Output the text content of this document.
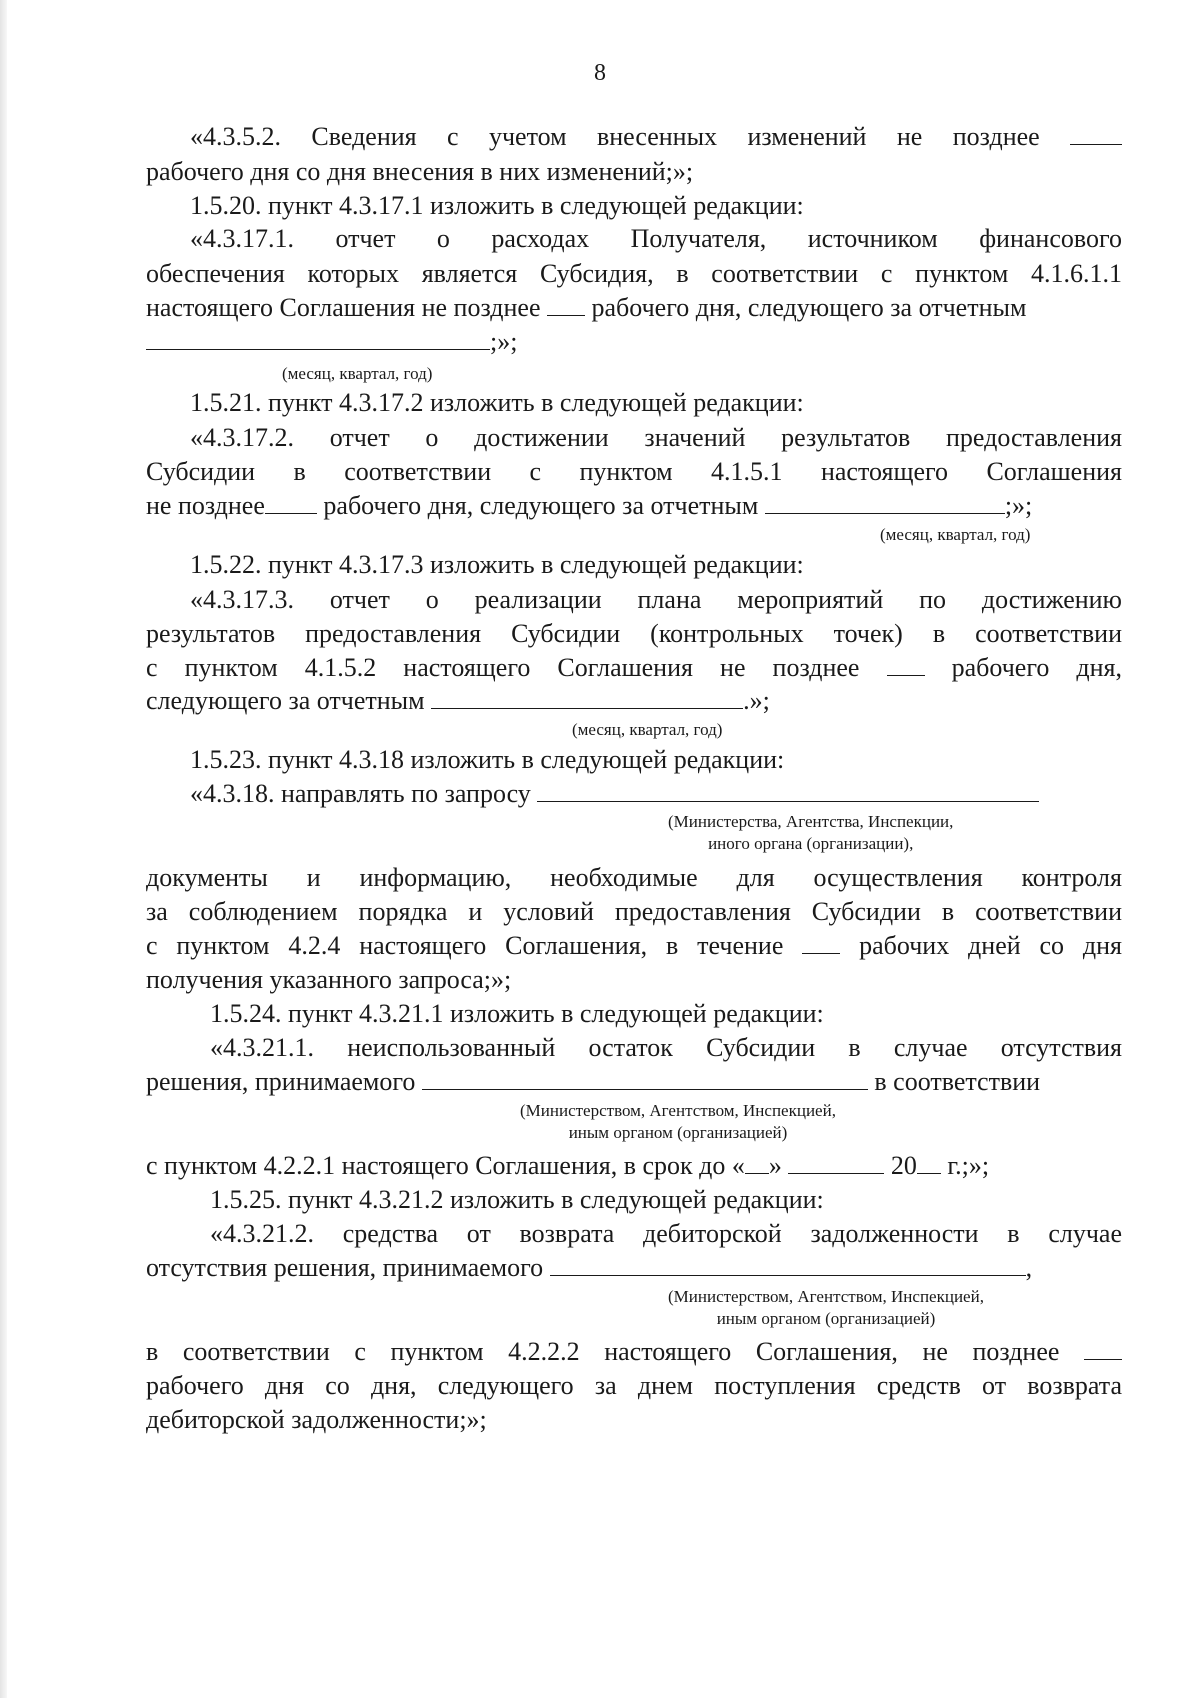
8
«4.3.5.2. Сведения с учетом внесенных изменений не позднее
рабочего дня со дня внесения в них изменений;»;
1.5.20. пункт 4.3.17.1 изложить в следующей редакции:
«4.3.17.1. отчет о расходах Получателя, источником финансового
обеспечения которых является Субсидия, в соответствии с пунктом 4.1.6.1.1
настоящего Соглашения не позднее рабочего дня, следующего за отчетным
;»;
(месяц, квартал, год)
1.5.21. пункт 4.3.17.2 изложить в следующей редакции:
«4.3.17.2. отчет о достижении значений результатов предоставления
Субсидии в соответствии с пунктом 4.1.5.1 настоящего Соглашения
не позднее рабочего дня, следующего за отчетным	;»;
(месяц, квартал, год)
1.5.22. пункт 4.3.17.3 изложить в следующей редакции:
«4.3.17.3. отчет о реализации плана мероприятий по достижению
результатов предоставления Субсидии (контрольных точек) в соответствии
с пунктом 4.1.5.2 настоящего Соглашения не позднее	рабочего дня,
следующего за отчетным	.»;
(месяц, квартал, год)
1.5.23. пункт 4.3.18 изложить в следующей редакции:
«4.3.18. направлять по запросу
(Министерства, Агентства, Инспекции,
иного органа (организации),
документы и информацию, необходимые для осуществления контроля
за соблюдением порядка и условий предоставления Субсидии в соответствии
с пунктом 4.2.4 настоящего Соглашения, в течение	рабочих дней со дня
получения указанного запроса;»;
1.5.24. пункт 4.3.21.1 изложить в следующей редакции:
«4.3.21.1. неиспользованный остаток Субсидии в случае отсутствия
решения, принимаемого	в соответствии
(Министерством, Агентством, Инспекцией,
иным органом (организацией)
с пунктом 4.2.2.1 настоящего Соглашения, в срок до « »	20 г.;»;
1.5.25. пункт 4.3.21.2 изложить в следующей редакции:
«4.3.21.2. средства от возврата дебиторской задолженности в случае
отсутствия решения, принимаемого	,
(Министерством, Агентством, Инспекцией,
иным органом (организацией)
в соответствии с пунктом 4.2.2.2 настоящего Соглашения, не позднее
рабочего дня со дня, следующего за днем поступления средств от возврата
дебиторской задолженности;»;
